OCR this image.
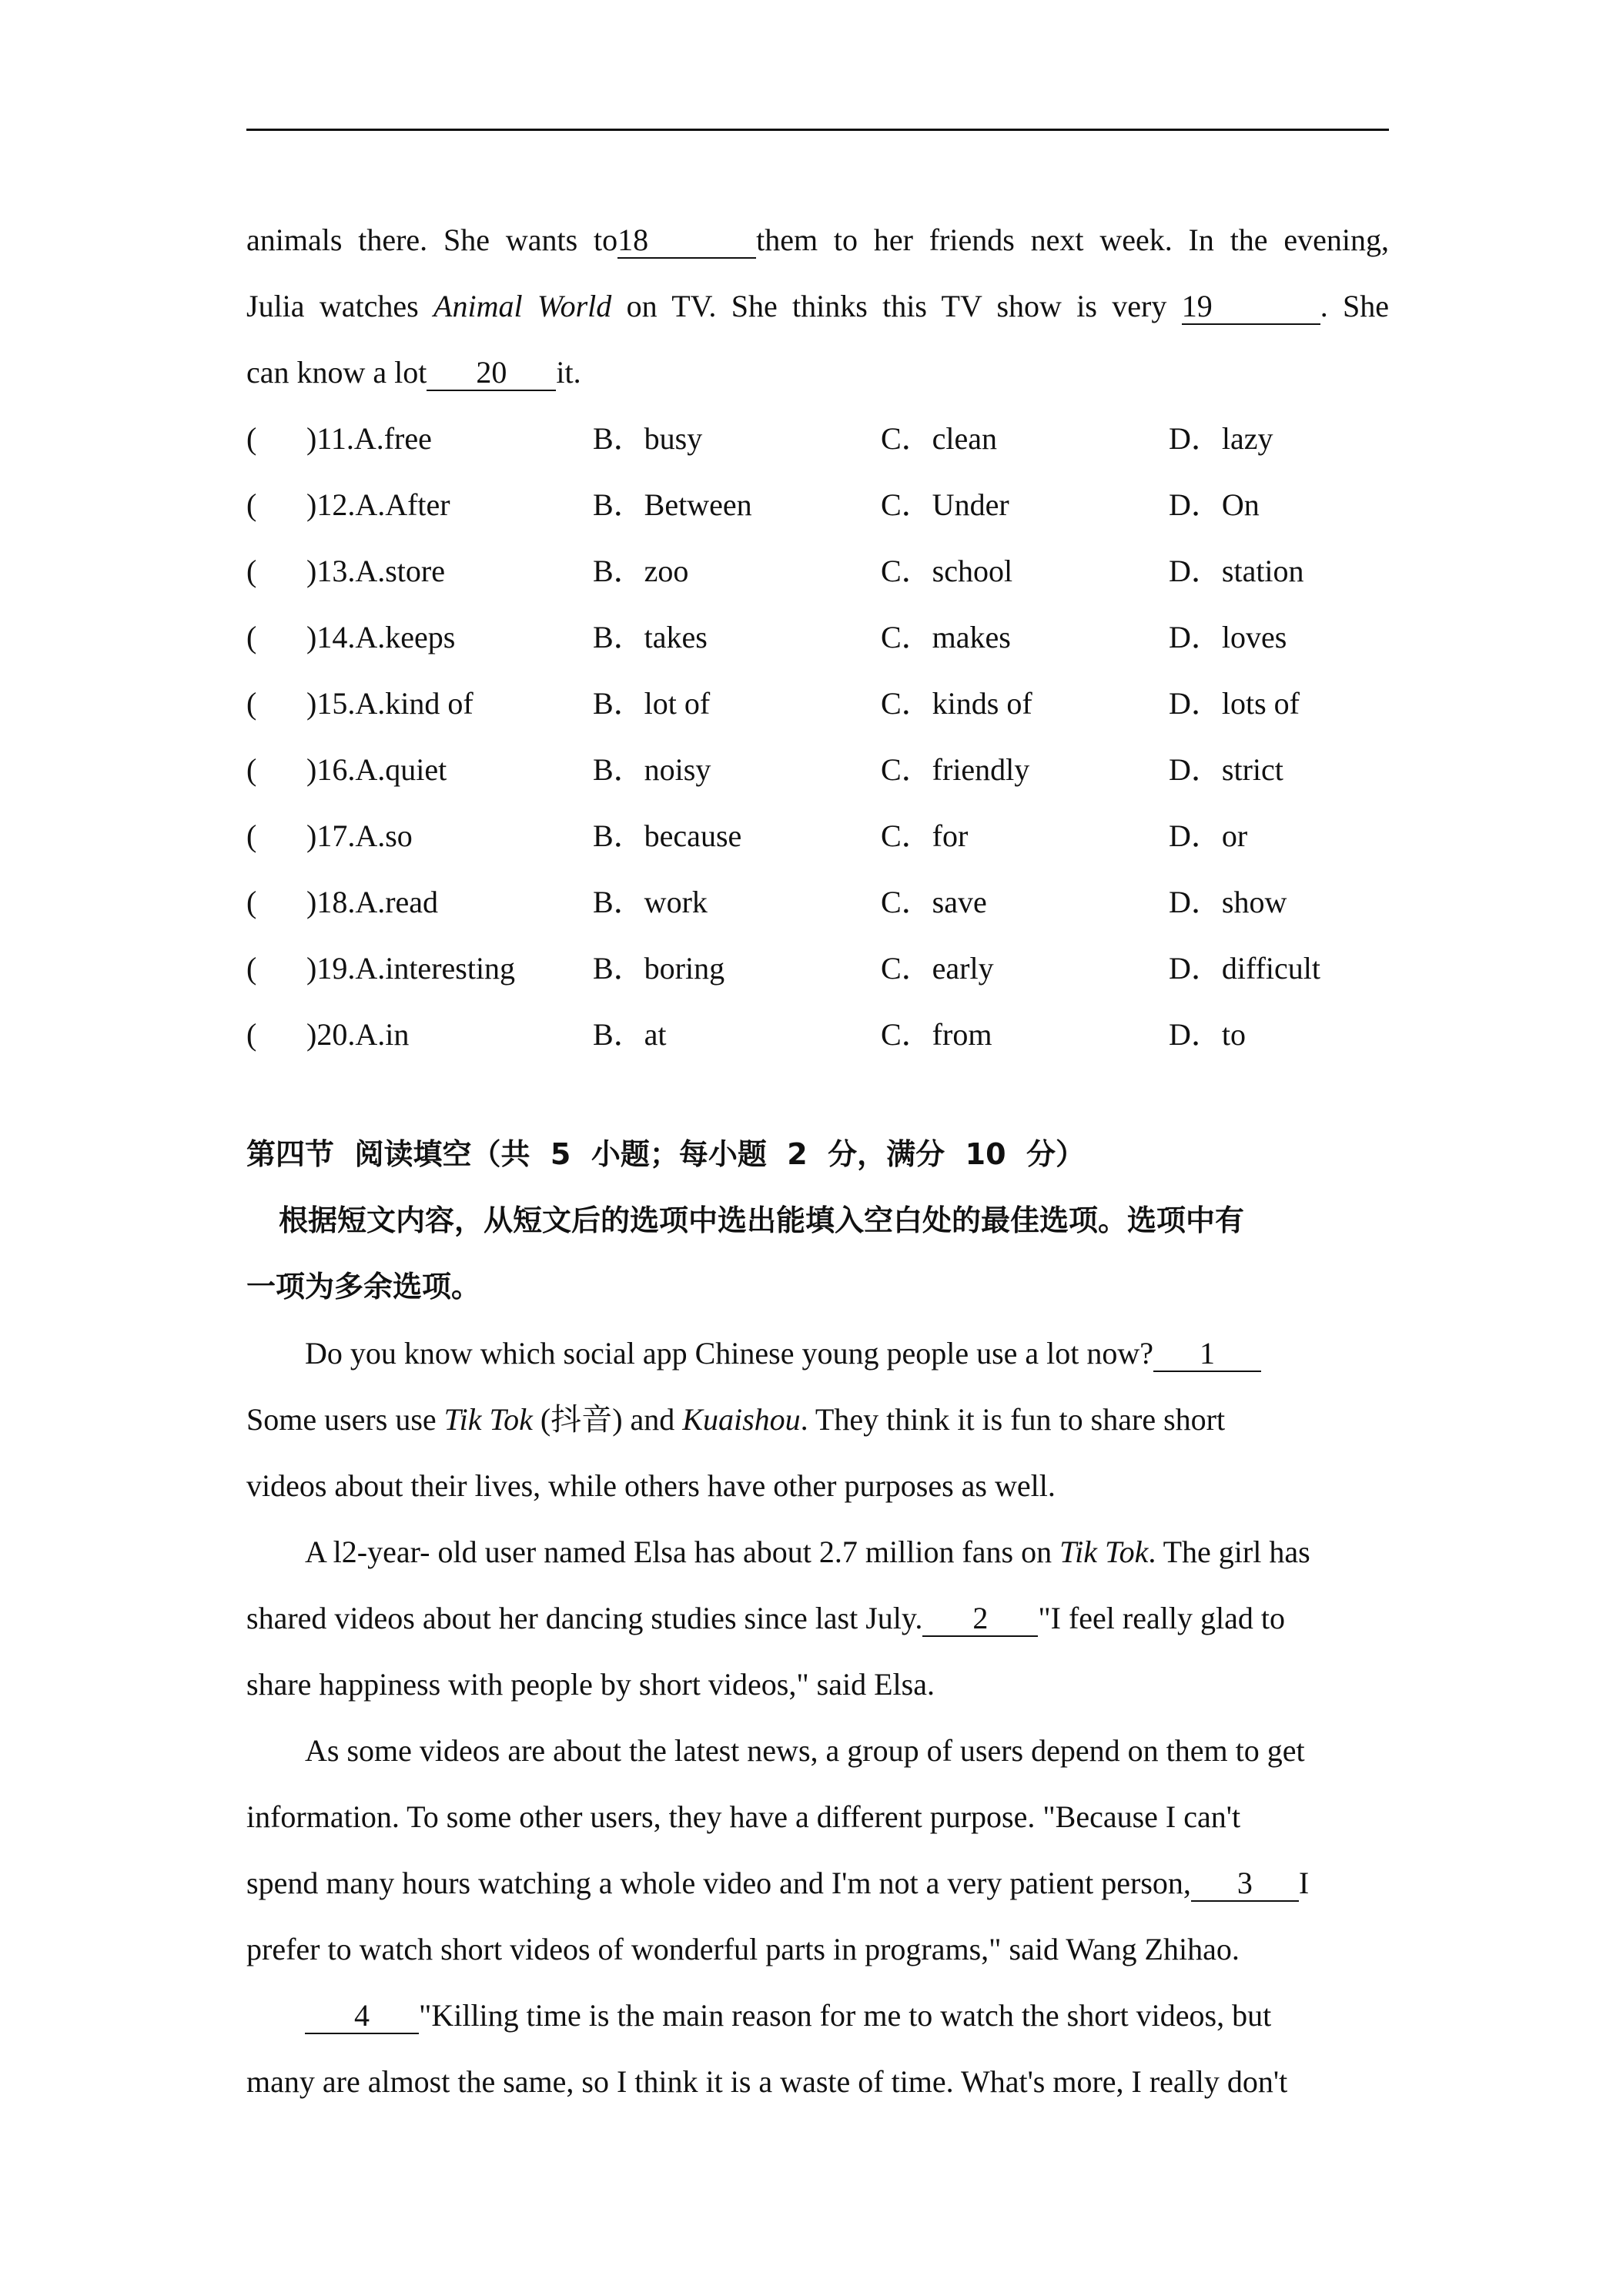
animals there. She wants to18	them to her friends next week. In the evening,
Julia watches Animal World on TV. She thinks this TV show is very 19	. She
can know a lot 20 it.
( )11.A.free	B．busy	C．clean	D．lazy
( )12.A.After	B．Between	C．Under	D．On
( )13.A.store	B．zoo	C．school	D．station
( )14.A.keeps	B．takes	C．makes	D．loves
( )15.A.kind of	B．lot of	C．kinds of	D．lots of
( )16.A.quiet	B．noisy	C．friendly	D．strict
( )17.A.so	B．because	C．for	D．or
( )18.A.read	B．work	C．save	D．show
( )19.A.interesting	B．boring	C．early	D．difficult
( )20.A.in	B．at	C．from	D．to
第四节  阅读填空（共  5  小题；每小题  2  分，满分  10  分）
根据短文内容，从短文后的选项中选出能填入空白处的最佳选项。选项中有
一项为多余选项。
Do you know which social app Chinese young people use a lot now? 1
Some users use Tik Tok (抖音) and Kuaishou. They think it is fun to share short
videos about their lives, while others have other purposes as well.
A l2-year- old user named Elsa has about 2.7 million fans on Tik Tok. The girl has
shared videos about her dancing studies since last July. 2 "I feel really glad to
share happiness with people by short videos," said Elsa.
As some videos are about the latest news, a group of users depend on them to get
information. To some other users, they have a different purpose. "Because I can't
spend many hours watching a whole video and I'm not a very patient person, 3 I
prefer to watch short videos of wonderful parts in programs," said Wang Zhihao.
4 "Killing time is the main reason for me to watch the short videos, but
many are almost the same, so I think it is a waste of time. What's more, I really don't
